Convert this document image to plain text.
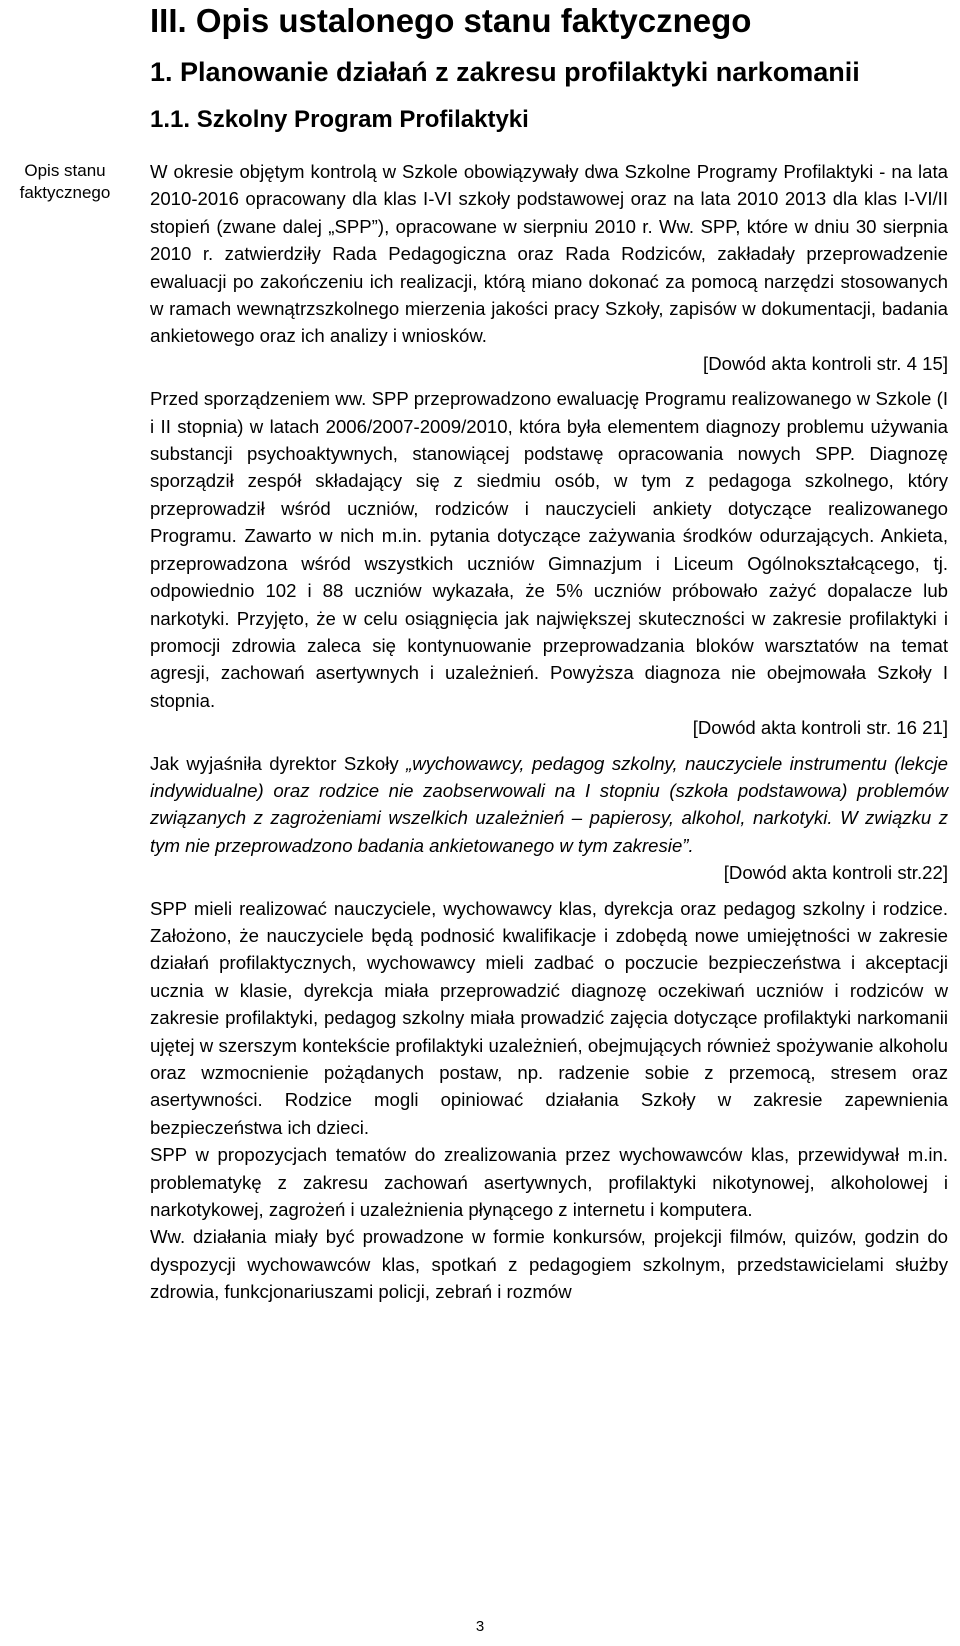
III. Opis ustalonego stanu faktycznego
1. Planowanie działań z zakresu profilaktyki narkomanii
1.1. Szkolny Program Profilaktyki
Opis stanu faktycznego

W okresie objętym kontrolą w Szkole obowiązywały dwa Szkolne Programy Profilaktyki - na lata 2010-2016 opracowany dla klas I-VI szkoły podstawowej oraz na lata 2010 2013 dla klas I-VI/II stopień (zwane dalej „SPP”), opracowane w sierpniu 2010 r. Ww. SPP, które w dniu 30 sierpnia 2010 r. zatwierdziły Rada Pedagogiczna oraz Rada Rodziców, zakładały przeprowadzenie ewaluacji po zakończeniu ich realizacji, którą miano dokonać za pomocą narzędzi stosowanych w ramach wewnątrzszkolnego mierzenia jakości pracy Szkoły, zapisów w dokumentacji, badania ankietowego oraz ich analizy i wniosków.

[Dowód akta kontroli str. 4 15]

Przed sporządzeniem ww. SPP przeprowadzono ewaluację Programu realizowanego w Szkole (I i II stopnia) w latach 2006/2007-2009/2010, która była elementem diagnozy problemu używania substancji psychoaktywnych, stanowiącej podstawę opracowania nowych SPP. Diagnozę sporządził zespół składający się z siedmiu osób, w tym z pedagoga szkolnego, który przeprowadził wśród uczniów, rodziców i nauczycieli ankiety dotyczące realizowanego Programu. Zawarto w nich m.in. pytania dotyczące zażywania środków odurzających. Ankieta, przeprowadzona wśród wszystkich uczniów Gimnazjum i Liceum Ogólnokształcącego, tj. odpowiednio 102 i 88 uczniów wykazała, że 5% uczniów próbowało zażyć dopalacze lub narkotyki. Przyjęto, że w celu osiągnięcia jak największej skuteczności w zakresie profilaktyki i promocji zdrowia zaleca się kontynuowanie przeprowadzania bloków warsztatów na temat agresji, zachowań asertywnych i uzależnień. Powyższa diagnoza nie obejmowała Szkoły I stopnia.

[Dowód akta kontroli str. 16 21]

Jak wyjaśniła dyrektor Szkoły „wychowawcy, pedagog szkolny, nauczyciele instrumentu (lekcje indywidualne) oraz rodzice nie zaobserwowali na I stopniu (szkoła podstawowa) problemów związanych z zagrożeniami wszelkich uzależnień – papierosy, alkohol, narkotyki. W związku z tym nie przeprowadzono badania ankietowanego w tym zakresie”.

[Dowód akta kontroli str.22]

SPP mieli realizować nauczyciele, wychowawcy klas, dyrekcja oraz pedagog szkolny i rodzice. Założono, że nauczyciele będą podnosić kwalifikacje i zdobędą nowe umiejętności w zakresie działań profilaktycznych, wychowawcy mieli zadbać o poczucie bezpieczeństwa i akceptacji ucznia w klasie, dyrekcja miała przeprowadzić diagnozę oczekiwań uczniów i rodziców w zakresie profilaktyki, pedagog szkolny miała prowadzić zajęcia dotyczące profilaktyki narkomanii ujętej w szerszym kontekście profilaktyki uzależnień, obejmujących również spożywanie alkoholu oraz wzmocnienie pożądanych postaw, np. radzenie sobie z przemocą, stresem oraz asertywności. Rodzice mogli opiniować działania Szkoły w zakresie zapewnienia bezpieczeństwa ich dzieci.

SPP w propozycjach tematów do zrealizowania przez wychowawców klas, przewidywał m.in. problematykę z zakresu zachowań asertywnych, profilaktyki nikotynowej, alkoholowej i narkotykowej, zagrożeń i uzależnienia płynącego z internetu i komputera.

Ww. działania miały być prowadzone w formie konkursów, projekcji filmów, quizów, godzin do dyspozycji wychowawców klas, spotkań z pedagogiem szkolnym, przedstawicielami służby zdrowia, funkcjonariuszami policji, zebrań i rozmów

3
